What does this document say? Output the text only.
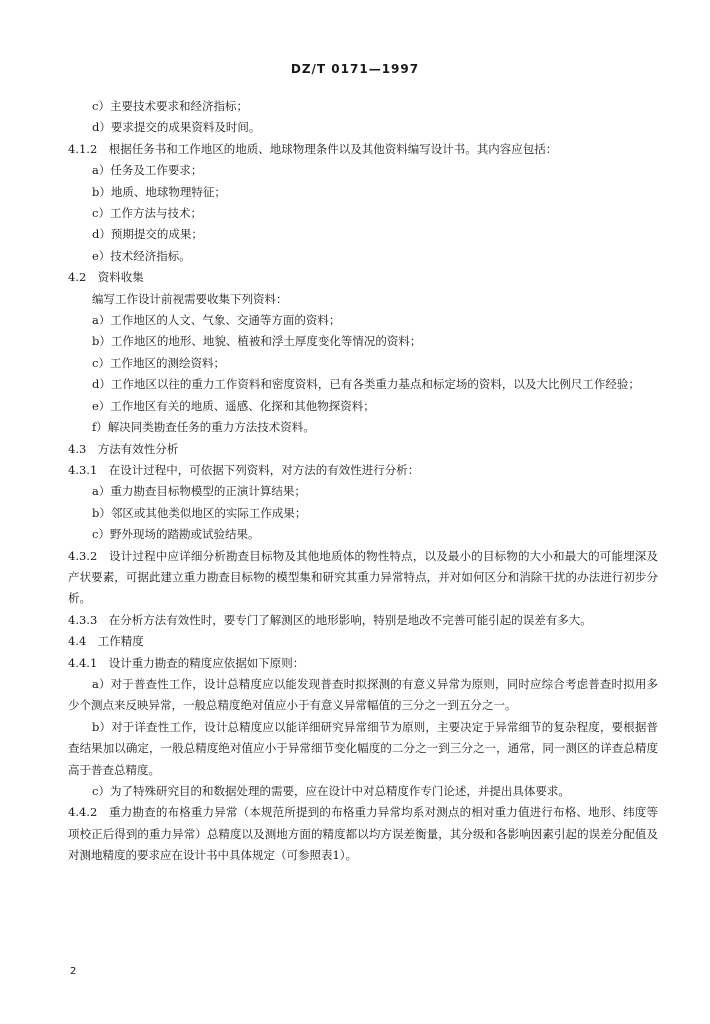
DZ/T 0171—1997
c）主要技术要求和经济指标；
d）要求提交的成果资料及时间。
4.1.2　根据任务书和工作地区的地质、地球物理条件以及其他资料编写设计书。其内容应包括：
a）任务及工作要求；
b）地质、地球物理特征；
c）工作方法与技术；
d）预期提交的成果；
e）技术经济指标。
4.2　资料收集
编写工作设计前视需要收集下列资料：
a）工作地区的人文、气象、交通等方面的资料；
b）工作地区的地形、地貌、植被和浮土厚度变化等情况的资料；
c）工作地区的测绘资料；
d）工作地区以往的重力工作资料和密度资料，已有各类重力基点和标定场的资料，以及大比例尺工作经验；
e）工作地区有关的地质、遥感、化探和其他物探资料；
f）解决同类勘查任务的重力方法技术资料。
4.3　方法有效性分析
4.3.1　在设计过程中，可依据下列资料，对方法的有效性进行分析：
a）重力勘查目标物模型的正演计算结果；
b）邻区或其他类似地区的实际工作成果；
c）野外现场的踏勘或试验结果。
4.3.2　设计过程中应详细分析勘查目标物及其他地质体的物性特点，以及最小的目标物的大小和最大的可能埋深及产状要素，可据此建立重力勘查目标物的模型集和研究其重力异常特点，并对如何区分和消除干扰的办法进行初步分析。
4.3.3　在分析方法有效性时，要专门了解测区的地形影响，特别是地改不完善可能引起的误差有多大。
4.4　工作精度
4.4.1　设计重力勘查的精度应依据如下原则：
a）对于普查性工作，设计总精度应以能发现普查时拟探测的有意义异常为原则，同时应综合考虑普查时拟用多少个测点来反映异常，一般总精度绝对值应小于有意义异常幅值的三分之一到五分之一。
b）对于详查性工作，设计总精度应以能详细研究异常细节为原则，主要决定于异常细节的复杂程度，要根据普查结果加以确定，一般总精度绝对值应小于异常细节变化幅度的二分之一到三分之一，通常，同一测区的详查总精度高于普查总精度。
c）为了特殊研究目的和数据处理的需要，应在设计中对总精度作专门论述，并提出具体要求。
4.4.2　重力勘查的布格重力异常（本规范所提到的布格重力异常均系对测点的相对重力值进行布格、地形、纬度等项校正后得到的重力异常）总精度以及测地方面的精度都以均方误差衡量，其分级和各影响因素引起的误差分配值及对测地精度的要求应在设计书中具体规定（可参照表1）。
2
